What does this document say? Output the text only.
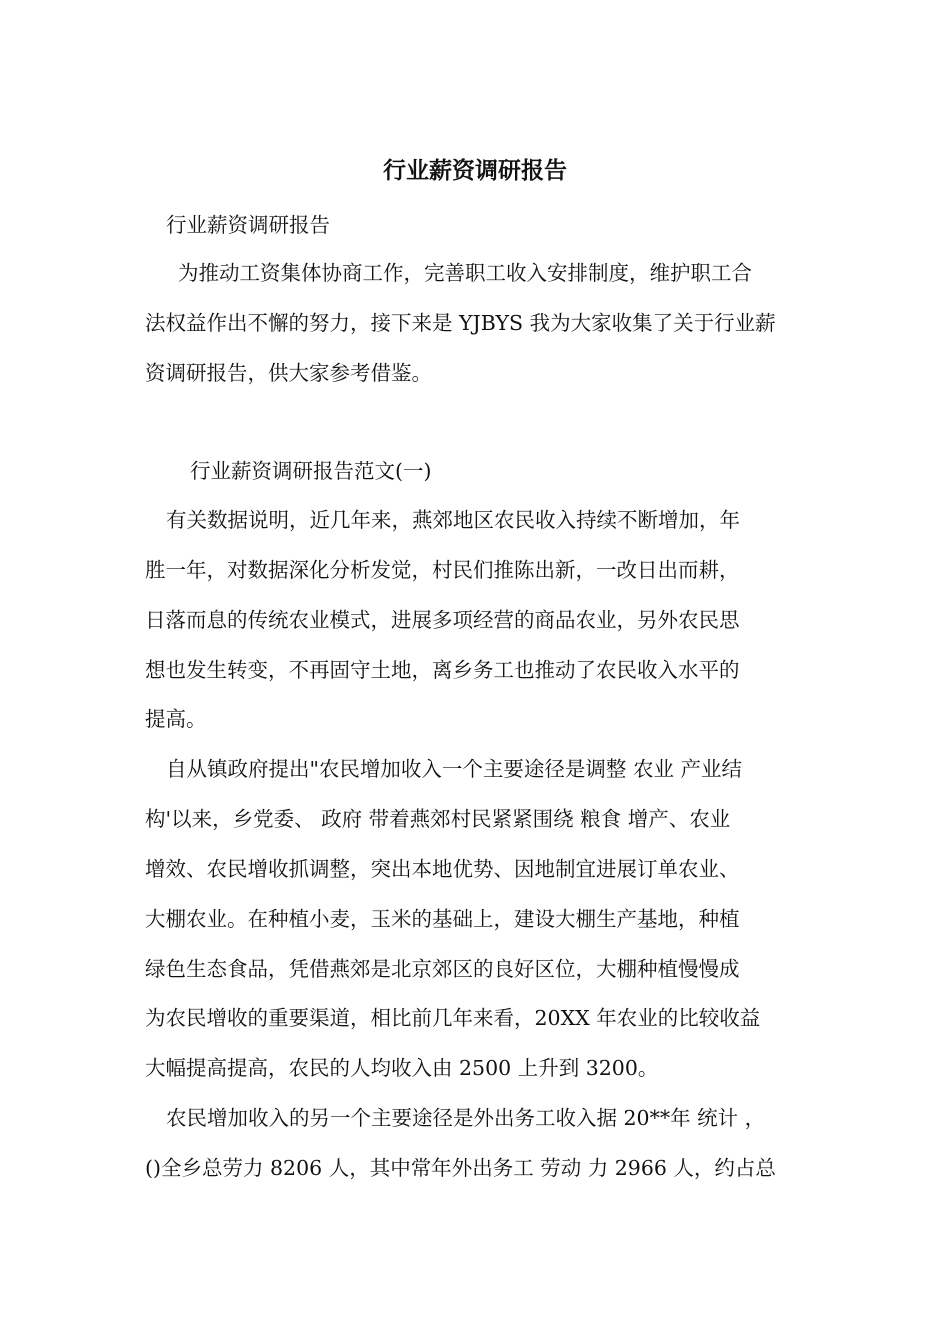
行业薪资调研报告

行业薪资调研报告

为推动工资集体协商工作，完善职工收入安排制度，维护职工合

法权益作出不懈的努力，接下来是 YJBYS 我为大家收集了关于行业薪

资调研报告，供大家参考借鉴。

行业薪资调研报告范文(一)

有关数据说明，近几年来，燕郊地区农民收入持续不断增加，年

胜一年，对数据深化分析发觉，村民们推陈出新，一改日出而耕，

日落而息的传统农业模式，进展多项经营的商品农业，另外农民思

想也发生转变，不再固守土地，离乡务工也推动了农民收入水平的

提高。

自从镇政府提出"农民增加收入一个主要途径是调整 农业 产业结

构'以来，乡党委、 政府 带着燕郊村民紧紧围绕 粮食 增产、农业

增效、农民增收抓调整，突出本地优势、因地制宜进展订单农业、

大棚农业。在种植小麦，玉米的基础上，建设大棚生产基地，种植

绿色生态食品，凭借燕郊是北京郊区的良好区位，大棚种植慢慢成

为农民增收的重要渠道，相比前几年来看，20XX 年农业的比较收益

大幅提高提高，农民的人均收入由 2500 上升到 3200。

农民增加收入的另一个主要途径是外出务工收入据 20**年 统计 ，

()全乡总劳力 8206 人，其中常年外出务工 劳动 力 2966 人，约占总
